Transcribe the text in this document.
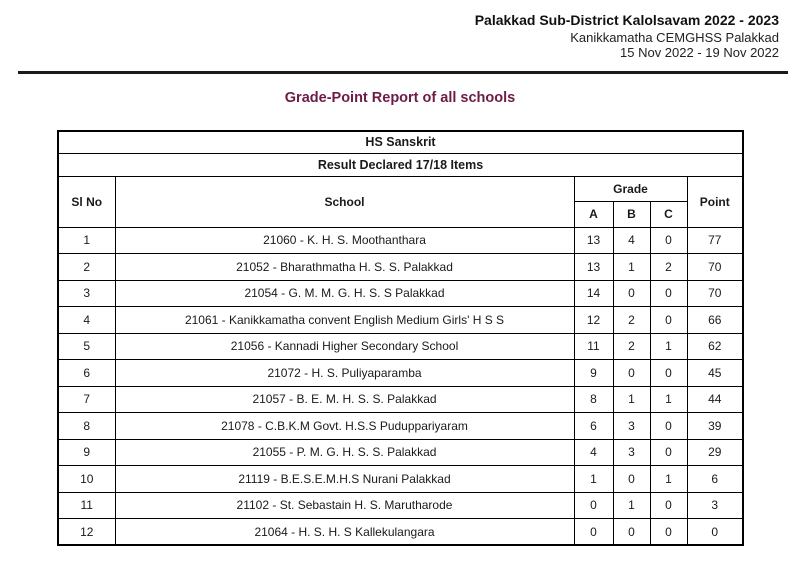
Palakkad Sub-District Kalolsavam 2022 - 2023
Kanikkamatha CEMGHSS Palakkad
15 Nov 2022 - 19 Nov 2022
Grade-Point Report of all schools
HS Sanskrit					
Result Declared 17/18 Items					
Sl No	School	Grade			Point
		A	B	C	
1	21060 - K. H. S. Moothanthara	13	4	0	77
2	21052 - Bharathmatha H. S. S. Palakkad	13	1	2	70
3	21054 - G. M. M. G. H. S. S Palakkad	14	0	0	70
4	21061 - Kanikkamatha convent English Medium Girls' H S S	12	2	0	66
5	21056 - Kannadi Higher Secondary School	11	2	1	62
6	21072 - H. S. Puliyaparamba	9	0	0	45
7	21057 - B. E. M. H. S. S. Palakkad	8	1	1	44
8	21078 - C.B.K.M Govt. H.S.S Puduppariyaram	6	3	0	39
9	21055 - P. M. G. H. S. S. Palakkad	4	3	0	29
10	21119 - B.E.S.E.M.H.S Nurani Palakkad	1	0	1	6
11	21102 - St. Sebastain H. S. Marutharode	0	1	0	3
12	21064 - H. S. H. S Kallekulangara	0	0	0	0
